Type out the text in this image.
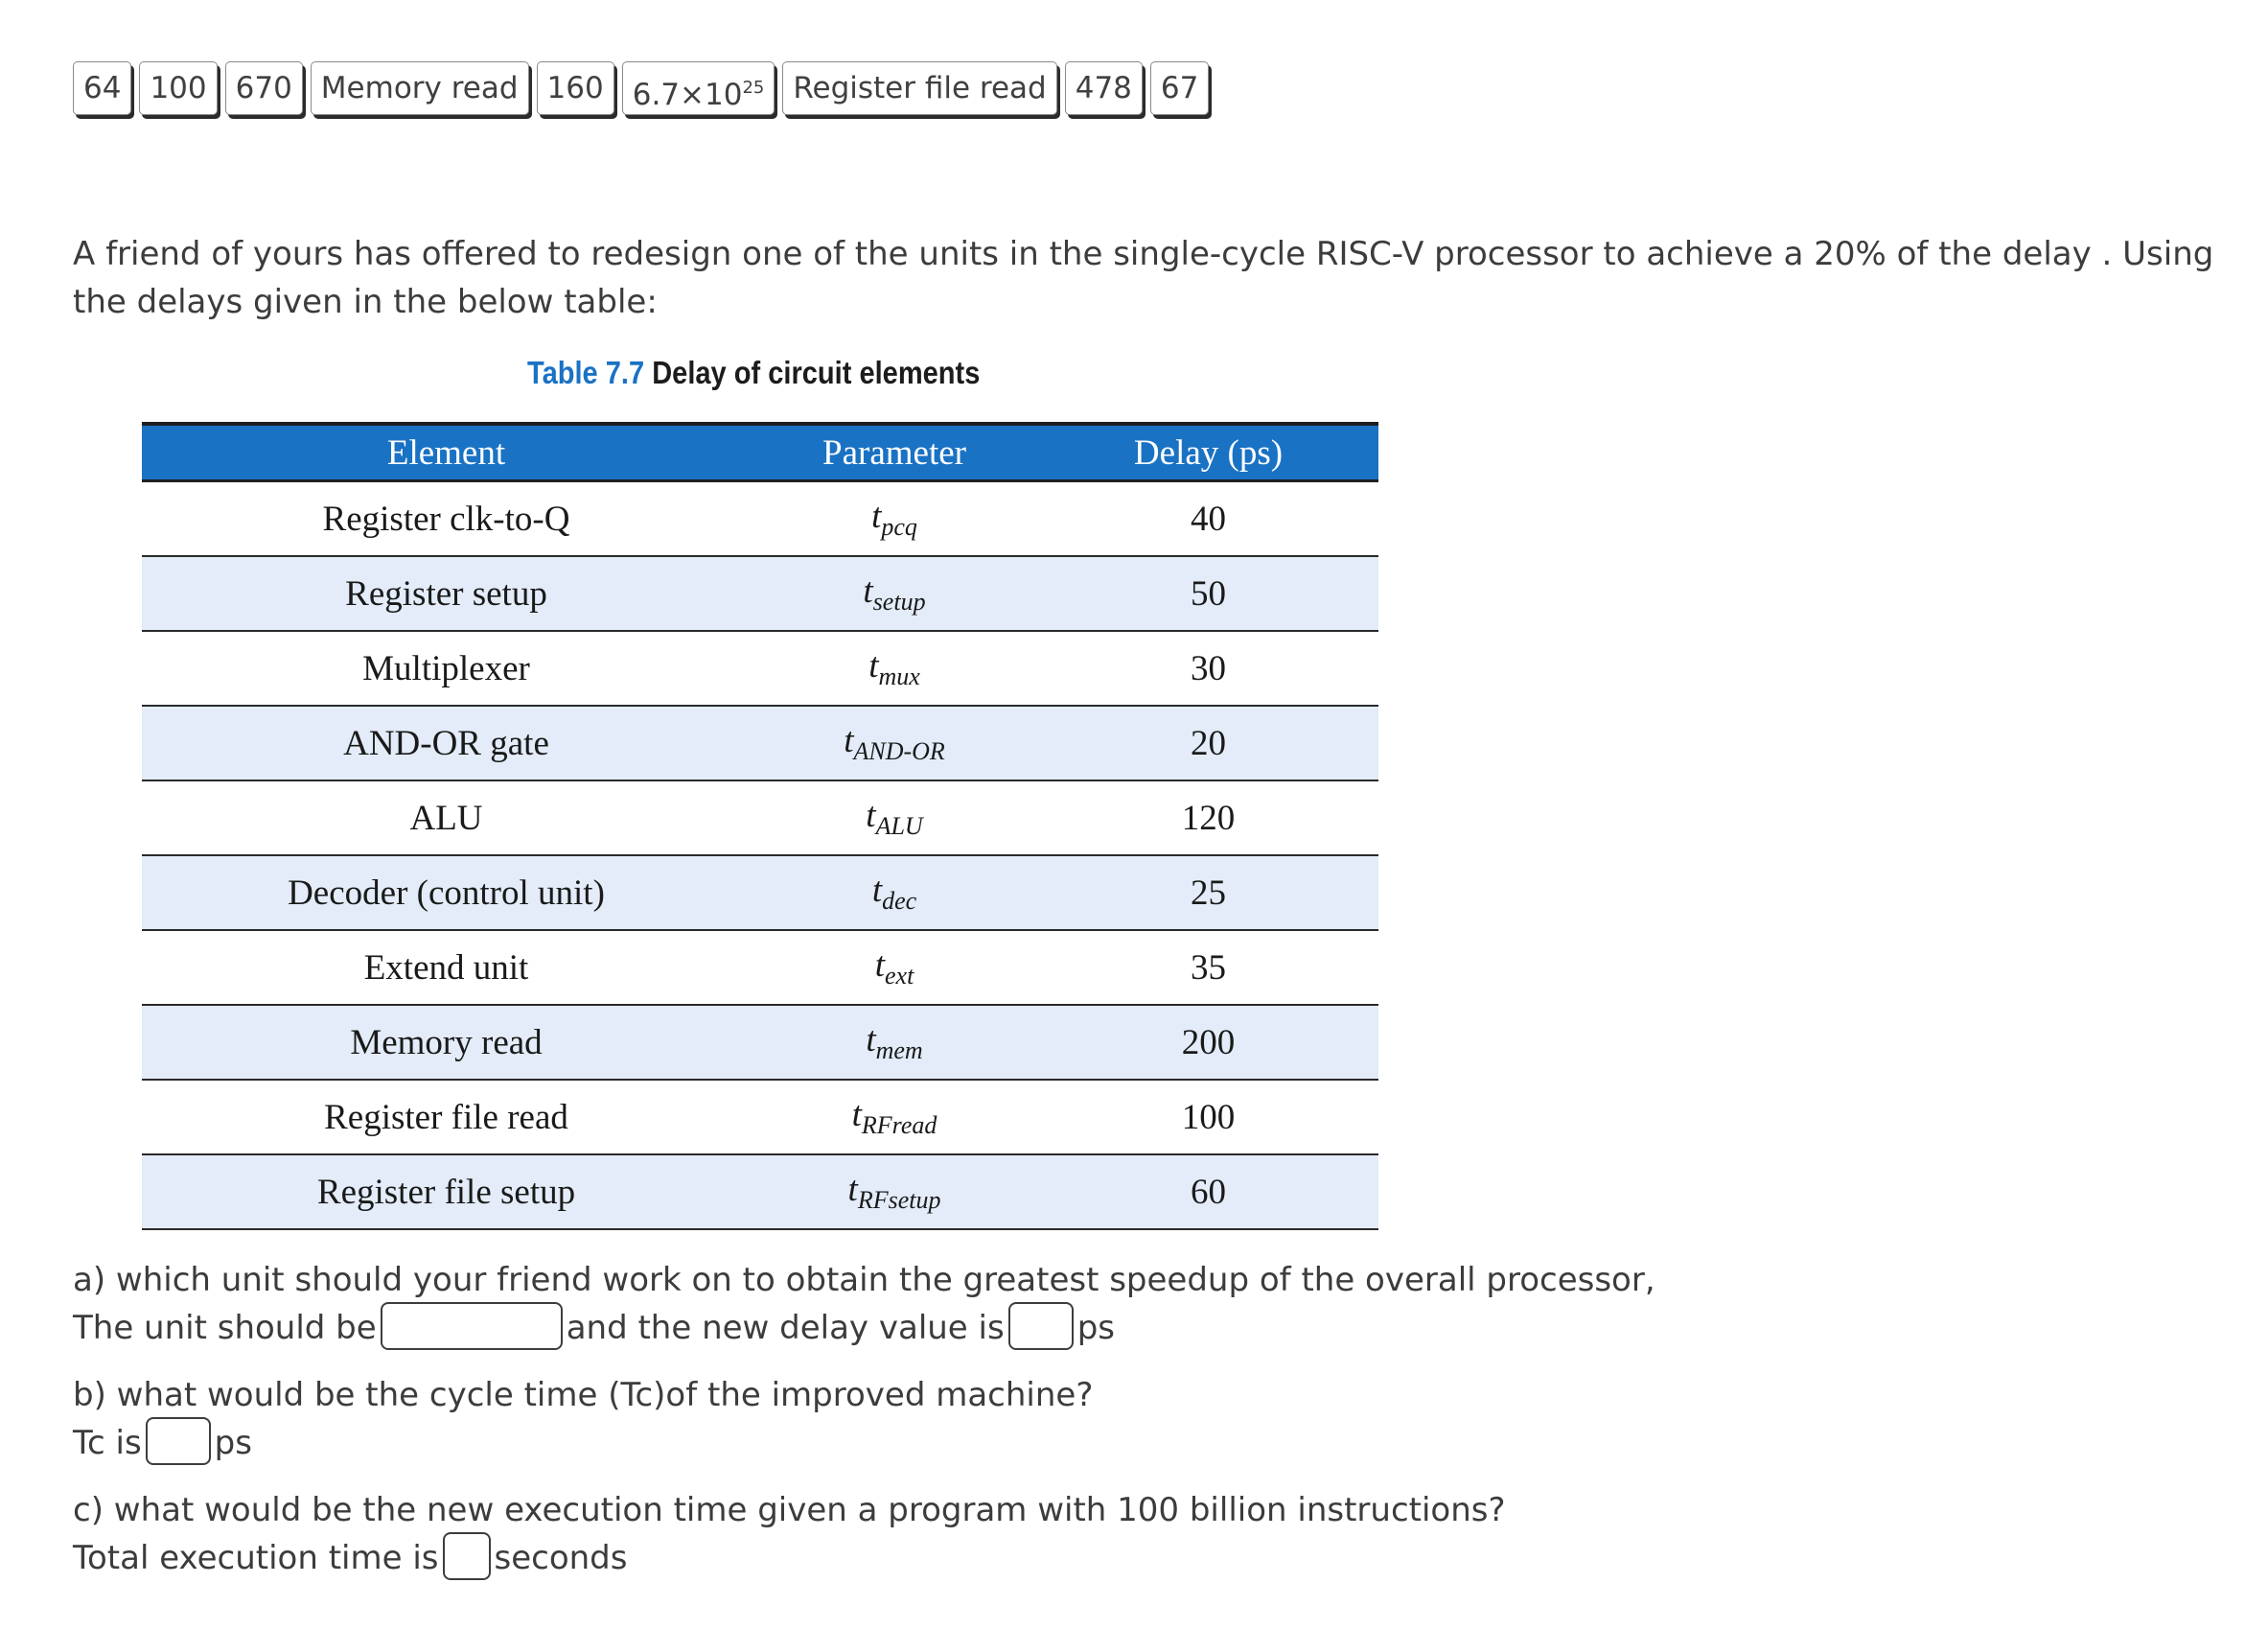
64 100 670 Memory read 160 $6.7\times 10^{25}$ Register file read 478 67
A friend of yours has offered to redesign one of the units in the single-cycle RISC-V processor to achieve a 20% of the delay . Using the delays given in the below table:
Table 7.7 Delay of circuit elements
Element	Parameter	Delay (ps)
Register clk-to-Q	$t_{pcq}$	40
Register setup	$t_{setup}$	50
Multiplexer	$t_{mux}$	30
AND-OR gate	$t_{AND-OR}$	20
ALU	$t_{ALU}$	120
Decoder (control unit)	$t_{dec}$	25
Extend unit	$t_{ext}$	35
Memory read	$t_{mem}$	200
Register file read	$t_{RFread}$	100
Register file setup	$t_{RFsetup}$	60
a) which unit should your friend work on to obtain the greatest speedup of the overall processor,
The unit should be	and the new delay value is ps
b) what would be the cycle time (Tc)of the improved machine?
Tc is ps
c) what would be the new execution time given a program with 100 billion instructions?
Total execution time is seconds
